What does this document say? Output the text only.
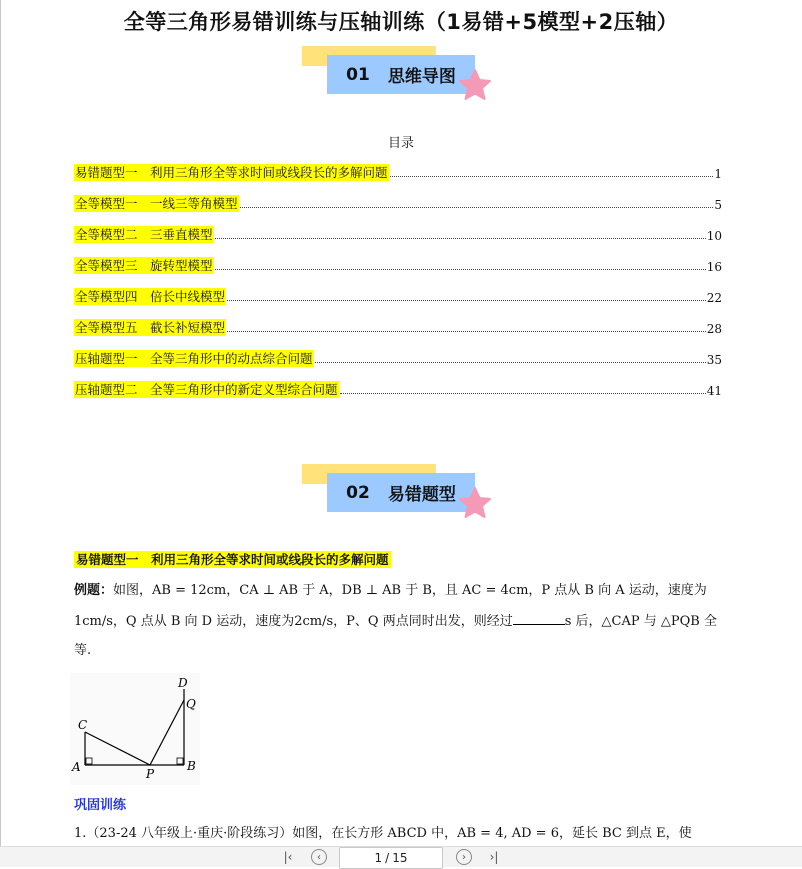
全等三角形易错训练与压轴训练（1易错+5模型+2压轴）
01 思维导图
目录
易错题型一　利用三角形全等求时间或线段长的多解问题	1
全等模型一　一线三等角模型	5
全等模型二　三垂直模型	10
全等模型三　旋转型模型	16
全等模型四　倍长中线模型	22
全等模型五　截长补短模型	28
压轴题型一　全等三角形中的动点综合问题	35
压轴题型二　全等三角形中的新定义型综合问题	41
02 易错题型
易错题型一　利用三角形全等求时间或线段长的多解问题
例题：如图，AB = 12cm，CA ⊥ AB 于 A，DB ⊥ AB 于 B，且 AC = 4cm，P 点从 B 向 A 运动，速度为
1cm/s，Q 点从 B 向 D 运动，速度为2cm/s，P、Q 两点同时出发，则经过	s 后，△CAP 与 △PQB 全
等.
A	B
C
D
P
Q
巩固训练
1.（23-24 八年级上·重庆·阶段练习）如图，在长方形 ABCD 中，AB = 4, AD = 6，延长 BC 到点 E，使
|‹	‹	1 / 15	›	›|
